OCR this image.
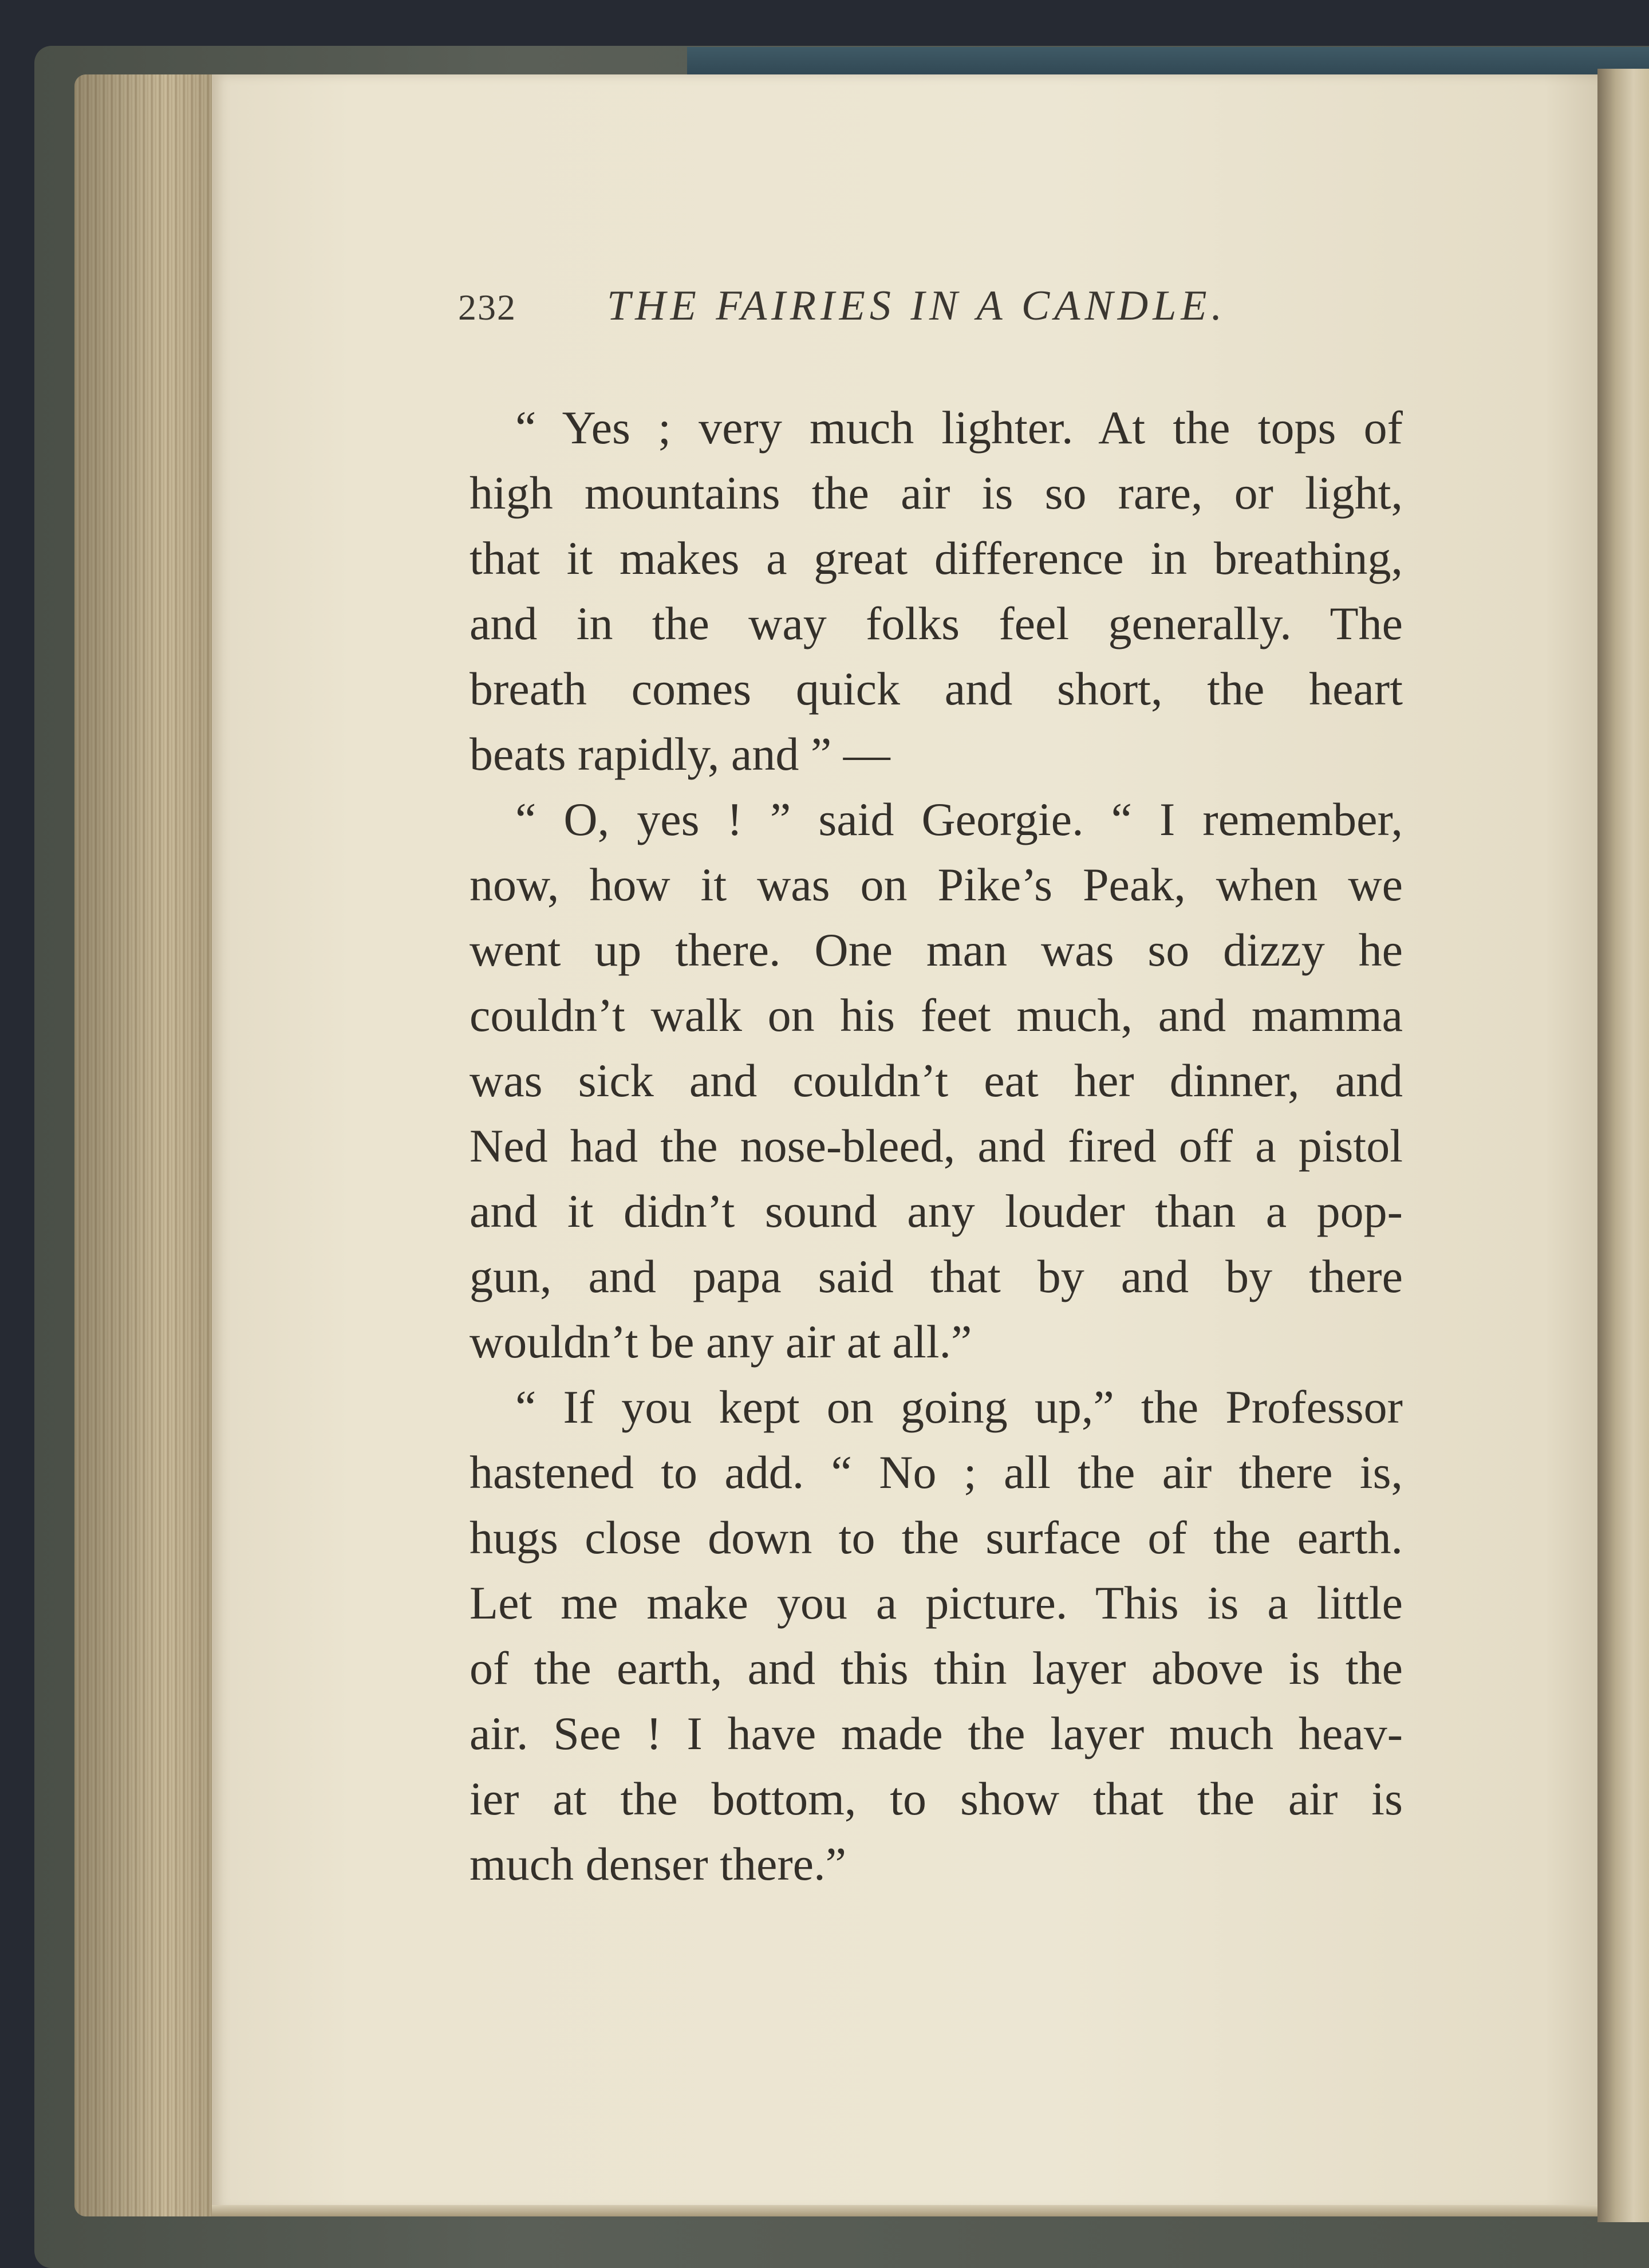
232 THE FAIRIES IN A CANDLE.
“ Yes ; very much lighter. At the tops of
high mountains the air is so rare, or light,
that it makes a great difference in breathing,
and in the way folks feel generally. The
breath comes quick and short, the heart
beats rapidly, and ” —
“ O, yes ! ” said Georgie. “ I remember,
now, how it was on Pike’s Peak, when we
went up there. One man was so dizzy he
couldn’t walk on his feet much, and mamma
was sick and couldn’t eat her dinner, and
Ned had the nose-bleed, and fired off a pistol
and it didn’t sound any louder than a pop-
gun, and papa said that by and by there
wouldn’t be any air at all.”
“ If you kept on going up,” the Professor
hastened to add. “ No ; all the air there is,
hugs close down to the surface of the earth.
Let me make you a picture. This is a little
of the earth, and this thin layer above is the
air. See ! I have made the layer much heav-
ier at the bottom, to show that the air is
much denser there.”
